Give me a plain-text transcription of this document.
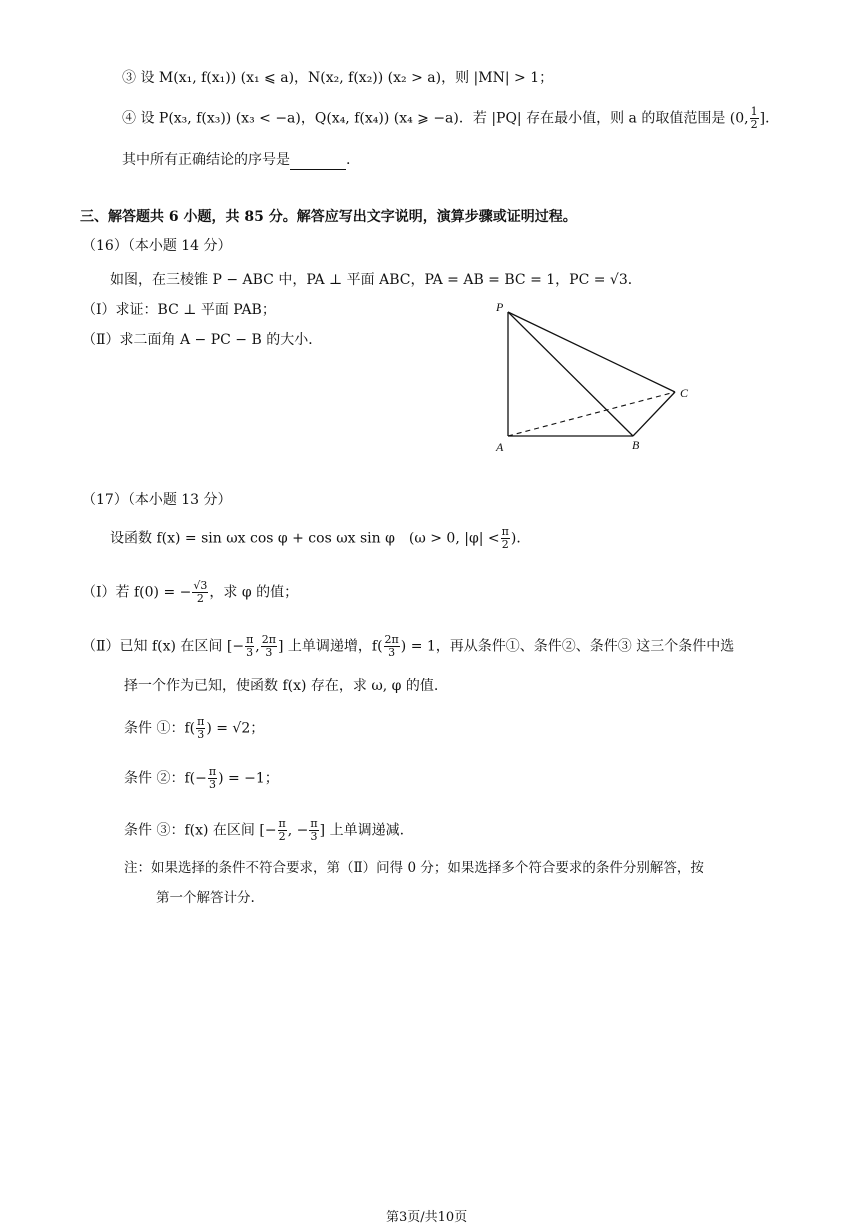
③ 设 M(x₁, f(x₁)) (x₁ ⩽ a)，N(x₂, f(x₂)) (x₂ > a)，则 |MN| > 1；
④ 设 P(x₃, f(x₃)) (x₃ < −a)，Q(x₄, f(x₄)) (x₄ ⩾ −a)．若 |PQ| 存在最小值，则 a 的取值范围是 (0, $\frac{1}{2}$ ]．
其中所有正确结论的序号是	.
三、解答题共 6 小题，共 85 分。解答应写出文字说明，演算步骤或证明过程。
（16）（本小题 14 分）
如图，在三棱锥 P − ABC 中，PA ⊥ 平面 ABC，PA = AB = BC = 1，PC = √3．
（Ⅰ）求证：BC ⊥ 平面 PAB；
（Ⅱ）求二面角 A − PC − B 的大小．
P
A	B
C
（17）（本小题 13 分）
设函数 f(x) = sin ωx cos φ + cos ωx sin φ　(ω > 0, $|\varphi| < \frac{\pi}{2}$ )．
（Ⅰ）若 f(0) = − $\frac{√3}{2}$ ，求 φ 的值；
（Ⅱ）已知 f(x) 在区间 [− $\frac{\pi}{3}$ , $\frac{2\pi}{3}$ ] 上单调递增，$f( \frac{2\pi}{3}$ ) = 1，再从条件①、条件②、条件③ 这三个条件中选
择一个作为已知，使函数 f(x) 存在，求 ω, φ 的值.
条件 ①：$f( \frac{\pi}{3}$ ) = √2；
条件 ②：$f(- \frac{\pi}{3}$ ) = −1；
条件 ③：f(x) 在区间 [− $\frac{\pi}{2}$ , − $\frac{\pi}{3}$ ] 上单调递减.
注：如果选择的条件不符合要求，第（Ⅱ）问得 0 分；如果选择多个符合要求的条件分别解答，按
第一个解答计分.
第3页/共10页
